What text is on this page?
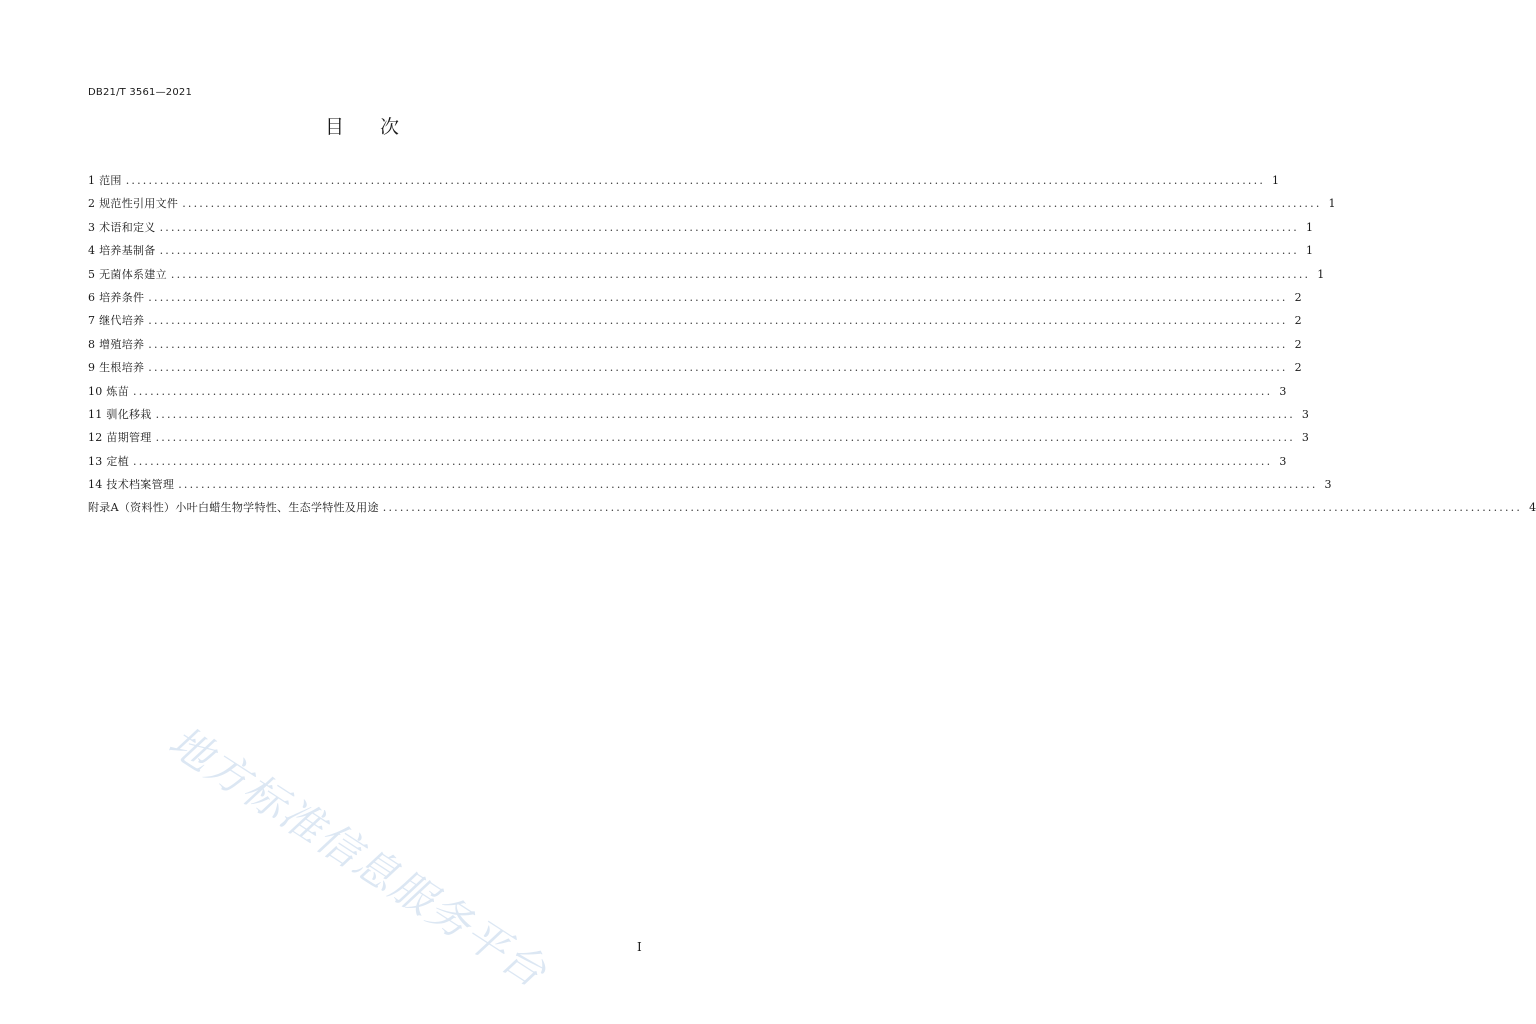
DB21/T 3561—2021
目 次
1 范围 ........................................................................................................................................................................................................ 1
2 规范性引用文件 ........................................................................................................................................................................................................ 1
3 术语和定义 ........................................................................................................................................................................................................ 1
4 培养基制备 ........................................................................................................................................................................................................ 1
5 无菌体系建立 ........................................................................................................................................................................................................ 1
6 培养条件 ........................................................................................................................................................................................................ 2
7 继代培养 ........................................................................................................................................................................................................ 2
8 增殖培养 ........................................................................................................................................................................................................ 2
9 生根培养 ........................................................................................................................................................................................................ 2
10 炼苗 ........................................................................................................................................................................................................ 3
11 驯化移栽 ........................................................................................................................................................................................................ 3
12 苗期管理 ........................................................................................................................................................................................................ 3
13 定植 ........................................................................................................................................................................................................ 3
14 技术档案管理 ........................................................................................................................................................................................................ 3
附录A（资料性）小叶白蜡生物学特性、生态学特性及用途 ........................................................................................................................................................................................................ 4
地方标准信息服务平台	I
